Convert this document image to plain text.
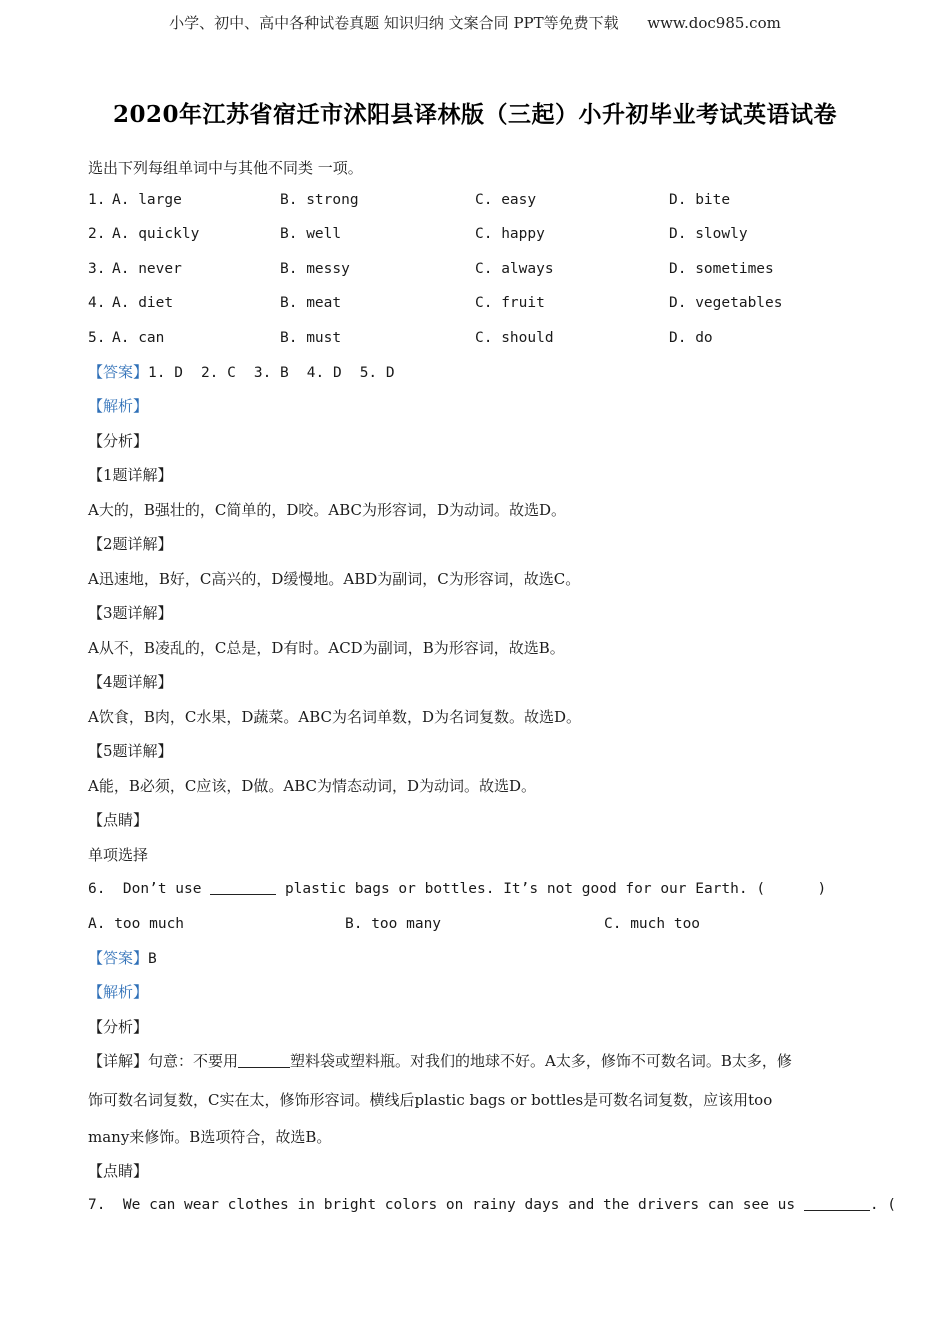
小学、初中、高中各种试卷真题 知识归纳 文案合同 PPT等免费下载      www.doc985.com
2020年江苏省宿迁市沭阳县译林版（三起）小升初毕业考试英语试卷
选出下列每组单词中与其他不同类 一项。
1. A. large	B. strong	C. easy	D. bite
2. A. quickly	B. well	C. happy	D. slowly
3. A. never	B. messy	C. always	D. sometimes
4. A. diet	B. meat	C. fruit	D. vegetables
5. A. can	B. must	C. should	D. do
【答案】1. D 2. C 3. B 4. D 5. D
【解析】
【分析】
【1题详解】
A大的，B强壮的，C简单的，D咬。ABC为形容词，D为动词。故选D。
【2题详解】
A迅速地，B好，C高兴的，D缓慢地。ABD为副词，C为形容词，故选C。
【3题详解】
A从不，B凌乱的，C总是，D有时。ACD为副词，B为形容词，故选B。
【4题详解】
A饮食，B肉，C水果，D蔬菜。ABC为名词单数，D为名词复数。故选D。
【5题详解】
A能，B必须，C应该，D做。ABC为情态动词，D为动词。故选D。
【点睛】
单项选择
6.  Don’t use	plastic bags or bottles. It’s not good for our Earth. (      )
A. too much	B. too many	C. much too
【答案】B
【解析】
【分析】
【详解】句意：不要用	塑料袋或塑料瓶。对我们的地球不好。A太多，修饰不可数名词。B太多，修
饰可数名词复数，C实在太，修饰形容词。横线后plastic bags or bottles是可数名词复数，应该用too
many来修饰。B选项符合，故选B。
【点睛】
7.  We can wear clothes in bright colors on rainy days and the drivers can see us	. (
